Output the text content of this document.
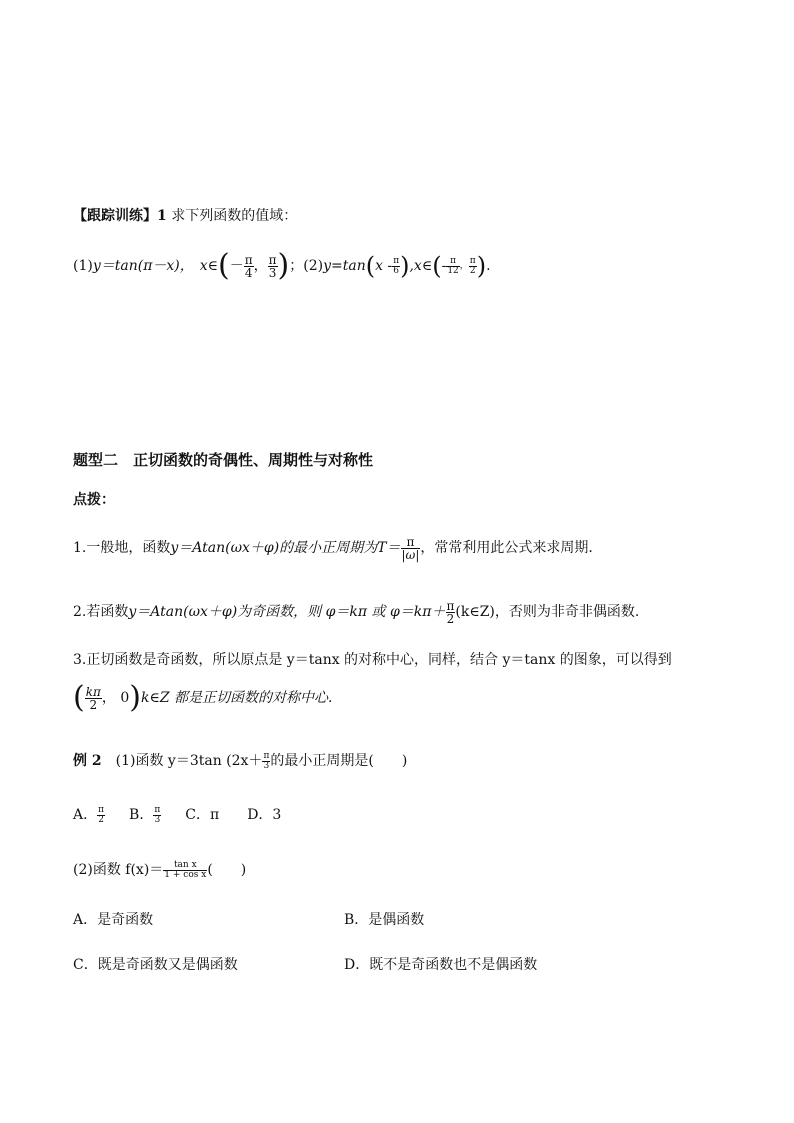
【跟踪训练】1 求下列函数的值域：
(1) y＝tan(π－x)， x∈ ( － $\frac{\pi}{4}$ ， $\frac{\pi}{3}$ ) ； (2) y=tan ( x - $\frac{\pi}{6}$ ) ,x∈ ( - $\frac{\pi}{12}$ ， $\frac{\pi}{2}$ ) .
题型二　正切函数的奇偶性、周期性与对称性
点拨：
1.一般地，函数 y＝Atan(ωx＋φ)的最小正周期为 $T= \frac{\pi}{|\omega|}$ ，常常利用此公式来求周期.
2.若函数 y＝Atan(ωx＋φ)为奇函数，则 φ＝kπ 或 $\varphi=k\pi+ \frac{\pi}{2}$ (k∈Z)，否则为非奇非偶函数.
3.正切函数是奇函数，所以原点是 y＝tanx 的对称中心，同样，结合 y＝tanx 的图象，可以得到
( $\frac{k\pi}{2}$ ， 0 ) k∈Z 都是正切函数的对称中心.
例 2 (1)函数 y＝3tan ($2x+ \frac{\pi}{3}$ 的最小正周期是(　　)
A． $\frac{\pi}{2}$ B． $\frac{\pi}{3}$ C．π D．3
(2)函数 $f(x)= \frac{\text{tan x}}{\text{1 + cos x}}$ (　　)
A．是奇函数	B．是偶函数
C．既是奇函数又是偶函数	D．既不是奇函数也不是偶函数
